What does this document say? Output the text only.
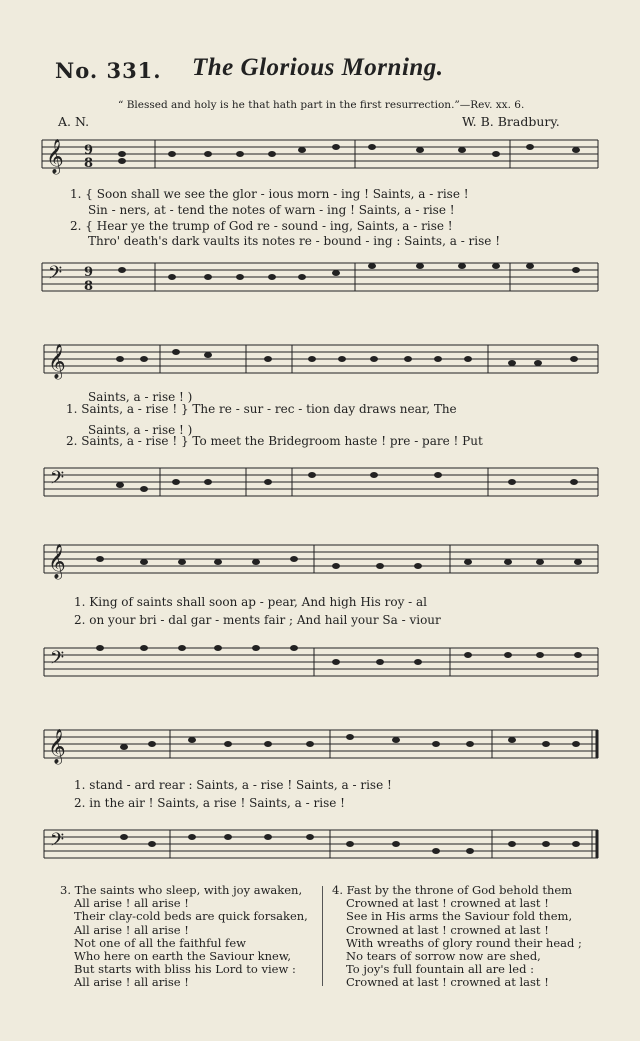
No. 331. The Glorious Morning.
“ Blessed and holy is he that hath part in the first resurrection.”—Rev. xx. 6.
A. N.	W. B. Bradbury.
𝄞 9
8
1. { Soon shall we see the glor - ious morn - ing ! Saints, a - rise !
Sin - ners, at - tend the notes of warn - ing ! Saints, a - rise !
2. { Hear ye the trump of God re - sound - ing, Saints, a - rise !
Thro' death's dark vaults its notes re - bound - ing : Saints, a - rise !
𝄢 9
8
𝄞
Saints, a - rise ! )
1. Saints, a - rise ! } The re - sur - rec - tion day draws near, The
Saints, a - rise ! )
2. Saints, a - rise ! } To meet the Bridegroom haste ! pre - pare ! Put
𝄢
𝄞
1. King of saints shall soon ap - pear, And high His roy - al
2. on your bri - dal gar - ments fair ; And hail your Sa - viour
𝄢
𝄞
1. stand - ard rear : Saints, a - rise ! Saints, a - rise !
2. in the air ! Saints, a rise ! Saints, a - rise !
𝄢
3. The saints who sleep, with joy awaken,
All arise ! all arise !
Their clay-cold beds are quick forsaken,
All arise ! all arise !
Not one of all the faithful few
Who here on earth the Saviour knew,
But starts with bliss his Lord to view :
All arise ! all arise !
4. Fast by the throne of God behold them
Crowned at last ! crowned at last !
See in His arms the Saviour fold them,
Crowned at last ! crowned at last !
With wreaths of glory round their head ;
No tears of sorrow now are shed,
To joy's full fountain all are led :
Crowned at last ! crowned at last !
